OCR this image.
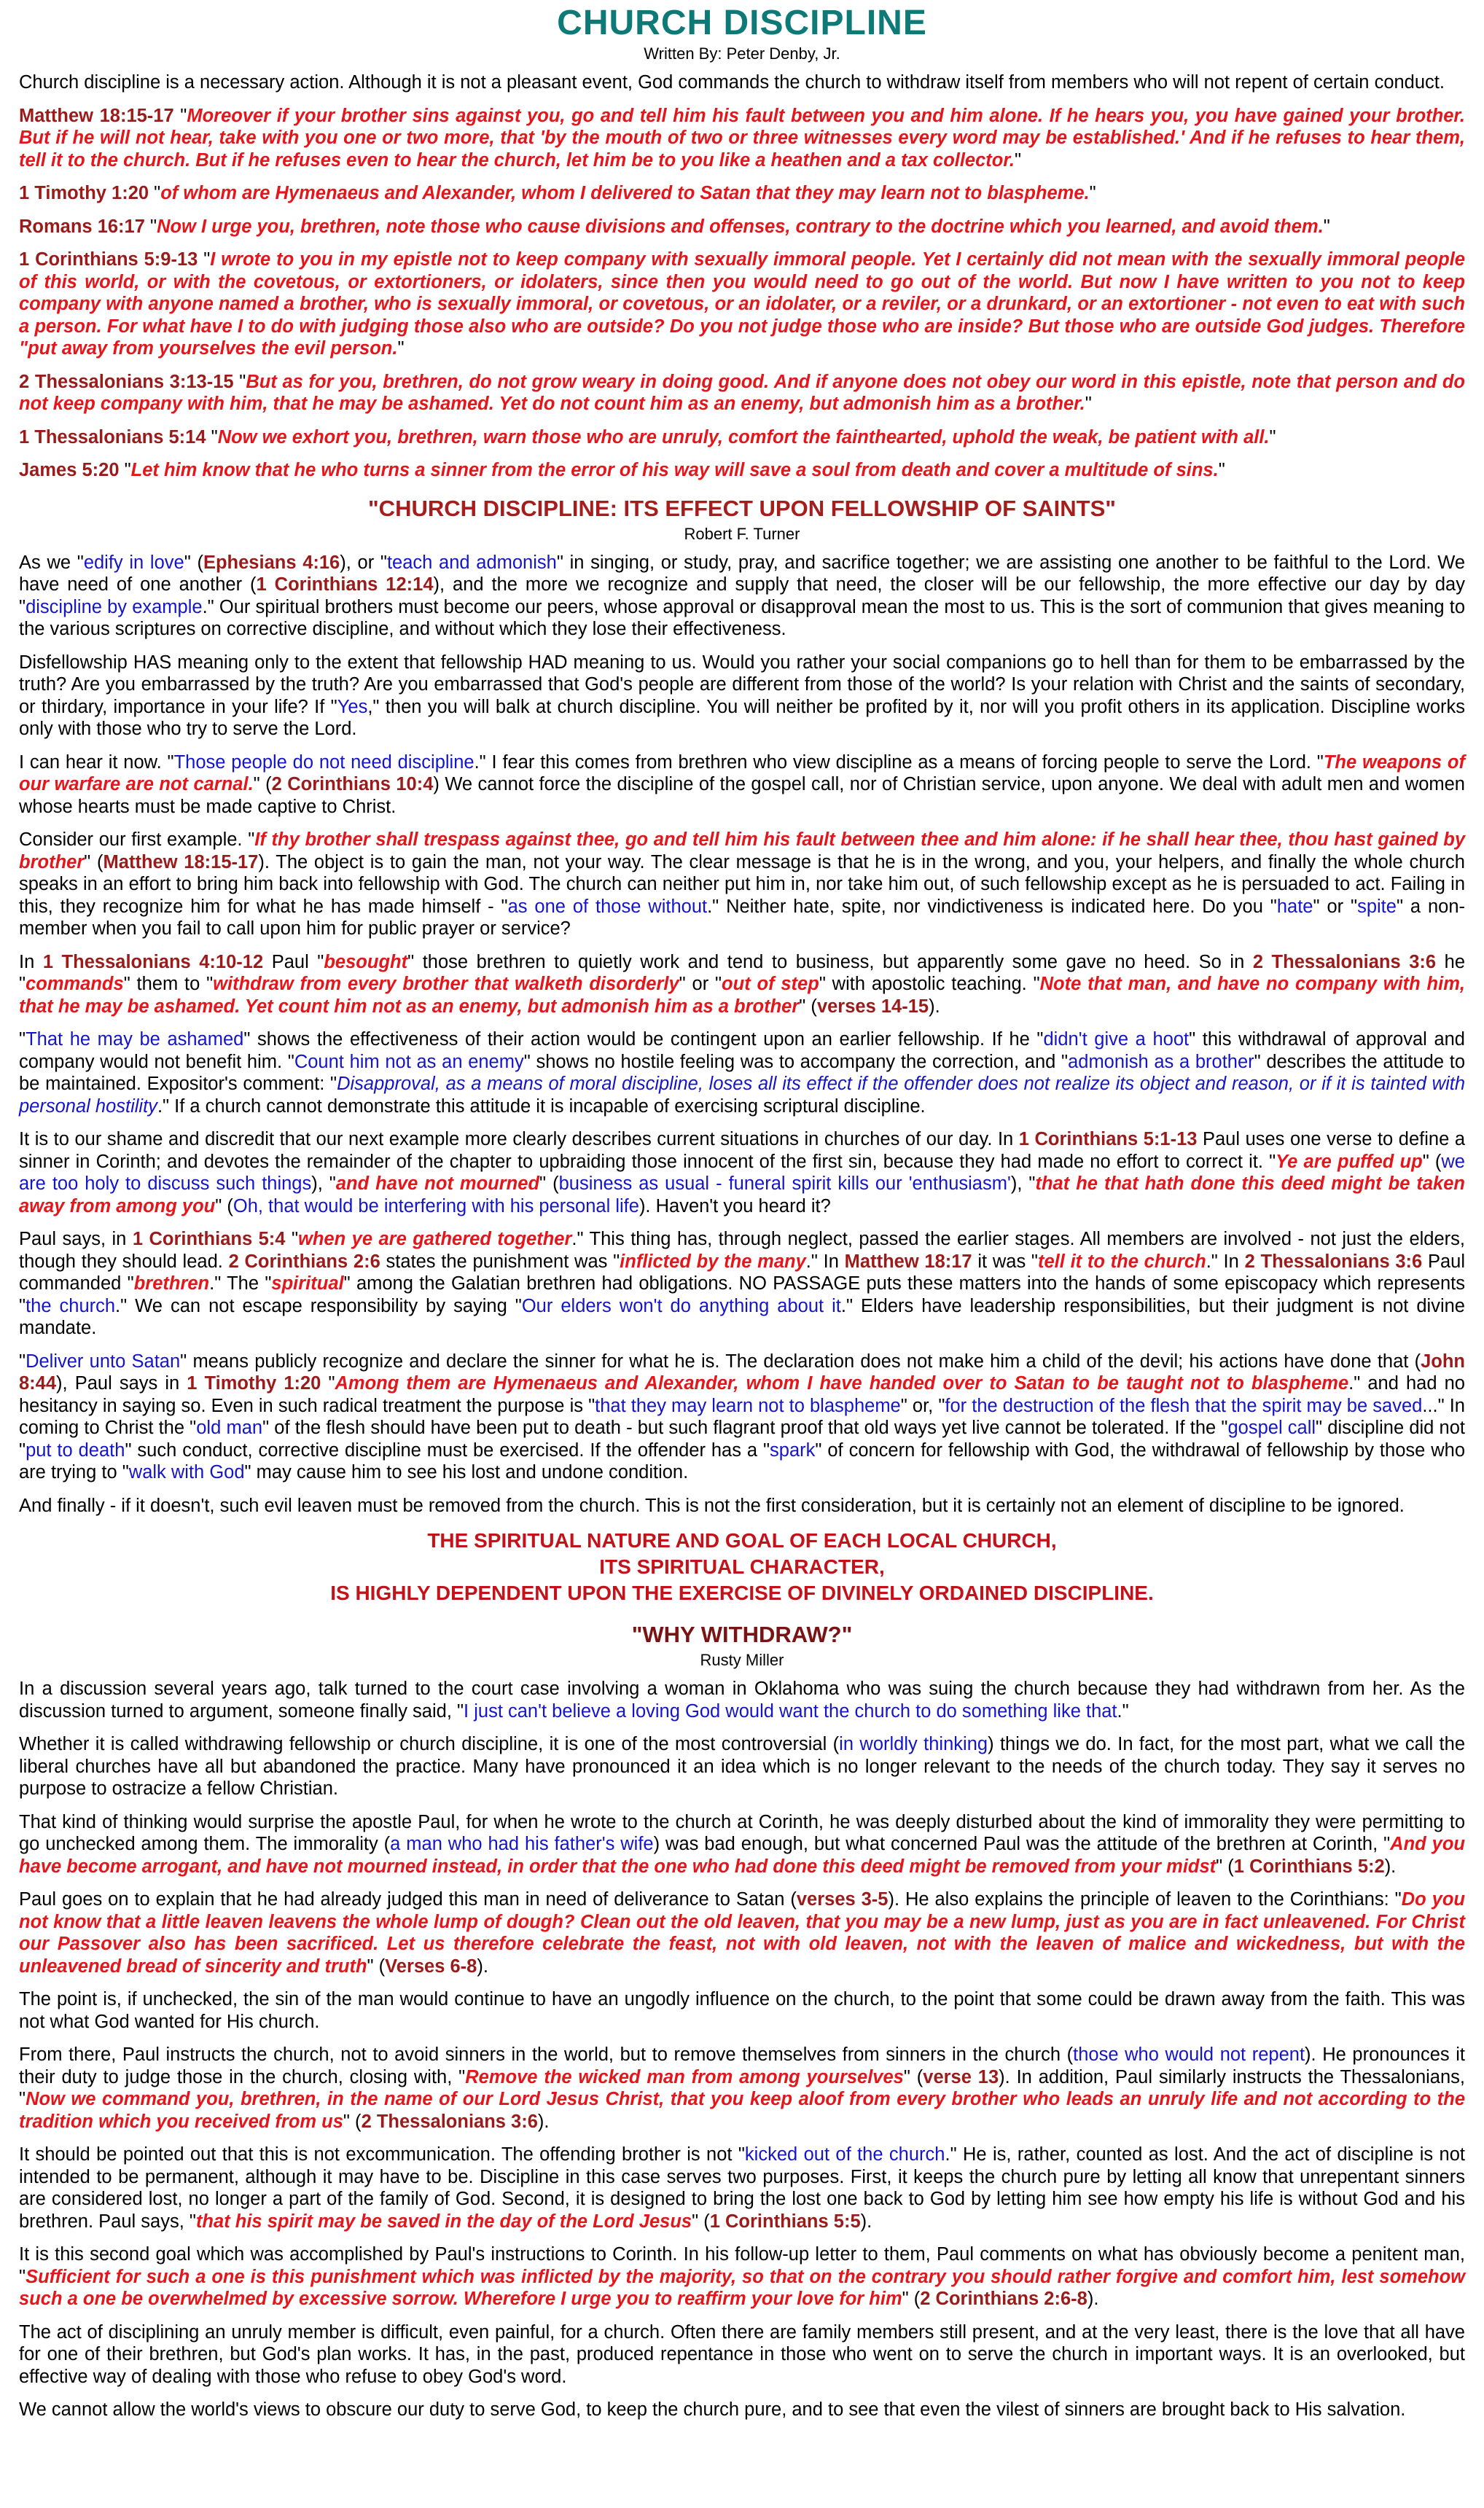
CHURCH DISCIPLINE
Written By: Peter Denby, Jr.

Church discipline is a necessary action. Although it is not a pleasant event, God commands the church to withdraw itself from members who will not repent of certain conduct.

Matthew 18:15-17 "Moreover if your brother sins against you, go and tell him his fault between you and him alone. If he hears you, you have gained your brother. But if he will not hear, take with you one or two more, that 'by the mouth of two or three witnesses every word may be established.' And if he refuses to hear them, tell it to the church. But if he refuses even to hear the church, let him be to you like a heathen and a tax collector."

1 Timothy 1:20 "of whom are Hymenaeus and Alexander, whom I delivered to Satan that they may learn not to blaspheme."

Romans 16:17 "Now I urge you, brethren, note those who cause divisions and offenses, contrary to the doctrine which you learned, and avoid them."

1 Corinthians 5:9-13 "I wrote to you in my epistle not to keep company with sexually immoral people. Yet I certainly did not mean with the sexually immoral people of this world, or with the covetous, or extortioners, or idolaters, since then you would need to go out of the world. But now I have written to you not to keep company with anyone named a brother, who is sexually immoral, or covetous, or an idolater, or a reviler, or a drunkard, or an extortioner - not even to eat with such a person. For what have I to do with judging those also who are outside? Do you not judge those who are inside? But those who are outside God judges. Therefore "put away from yourselves the evil person."

2 Thessalonians 3:13-15 "But as for you, brethren, do not grow weary in doing good. And if anyone does not obey our word in this epistle, note that person and do not keep company with him, that he may be ashamed. Yet do not count him as an enemy, but admonish him as a brother."

1 Thessalonians 5:14 "Now we exhort you, brethren, warn those who are unruly, comfort the fainthearted, uphold the weak, be patient with all."

James 5:20 "Let him know that he who turns a sinner from the error of his way will save a soul from death and cover a multitude of sins."

"CHURCH DISCIPLINE: ITS EFFECT UPON FELLOWSHIP OF SAINTS"
Robert F. Turner

As we "edify in love" (Ephesians 4:16), or "teach and admonish" in singing, or study, pray, and sacrifice together; we are assisting one another to be faithful to the Lord. We have need of one another (1 Corinthians 12:14), and the more we recognize and supply that need, the closer will be our fellowship, the more effective our day by day "discipline by example." Our spiritual brothers must become our peers, whose approval or disapproval mean the most to us. This is the sort of communion that gives meaning to the various scriptures on corrective discipline, and without which they lose their effectiveness.

Disfellowship HAS meaning only to the extent that fellowship HAD meaning to us. Would you rather your social companions go to hell than for them to be embarrassed by the truth? Are you embarrassed by the truth? Are you embarrassed that God's people are different from those of the world? Is your relation with Christ and the saints of secondary, or thirdary, importance in your life? If "Yes," then you will balk at church discipline. You will neither be profited by it, nor will you profit others in its application. Discipline works only with those who try to serve the Lord.

I can hear it now. "Those people do not need discipline." I fear this comes from brethren who view discipline as a means of forcing people to serve the Lord. "The weapons of our warfare are not carnal." (2 Corinthians 10:4) We cannot force the discipline of the gospel call, nor of Christian service, upon anyone. We deal with adult men and women whose hearts must be made captive to Christ.

Consider our first example. "If thy brother shall trespass against thee, go and tell him his fault between thee and him alone: if he shall hear thee, thou hast gained by brother" (Matthew 18:15-17). The object is to gain the man, not your way. The clear message is that he is in the wrong, and you, your helpers, and finally the whole church speaks in an effort to bring him back into fellowship with God. The church can neither put him in, nor take him out, of such fellowship except as he is persuaded to act. Failing in this, they recognize him for what he has made himself - "as one of those without." Neither hate, spite, nor vindictiveness is indicated here. Do you "hate" or "spite" a non-member when you fail to call upon him for public prayer or service?

In 1 Thessalonians 4:10-12 Paul "besought" those brethren to quietly work and tend to business, but apparently some gave no heed. So in 2 Thessalonians 3:6 he "commands" them to "withdraw from every brother that walketh disorderly" or "out of step" with apostolic teaching. "Note that man, and have no company with him, that he may be ashamed. Yet count him not as an enemy, but admonish him as a brother" (verses 14-15).

"That he may be ashamed" shows the effectiveness of their action would be contingent upon an earlier fellowship. If he "didn't give a hoot" this withdrawal of approval and company would not benefit him. "Count him not as an enemy" shows no hostile feeling was to accompany the correction, and "admonish as a brother" describes the attitude to be maintained. Expositor's comment: "Disapproval, as a means of moral discipline, loses all its effect if the offender does not realize its object and reason, or if it is tainted with personal hostility." If a church cannot demonstrate this attitude it is incapable of exercising scriptural discipline.

It is to our shame and discredit that our next example more clearly describes current situations in churches of our day. In 1 Corinthians 5:1-13 Paul uses one verse to define a sinner in Corinth; and devotes the remainder of the chapter to upbraiding those innocent of the first sin, because they had made no effort to correct it. "Ye are puffed up" (we are too holy to discuss such things), "and have not mourned" (business as usual - funeral spirit kills our 'enthusiasm'), "that he that hath done this deed might be taken away from among you" (Oh, that would be interfering with his personal life). Haven't you heard it?

Paul says, in 1 Corinthians 5:4 "when ye are gathered together." This thing has, through neglect, passed the earlier stages. All members are involved - not just the elders, though they should lead. 2 Corinthians 2:6 states the punishment was "inflicted by the many." In Matthew 18:17 it was "tell it to the church." In 2 Thessalonians 3:6 Paul commanded "brethren." The "spiritual" among the Galatian brethren had obligations. NO PASSAGE puts these matters into the hands of some episcopacy which represents "the church." We can not escape responsibility by saying "Our elders won't do anything about it." Elders have leadership responsibilities, but their judgment is not divine mandate.

"Deliver unto Satan" means publicly recognize and declare the sinner for what he is. The declaration does not make him a child of the devil; his actions have done that (John 8:44), Paul says in 1 Timothy 1:20 "Among them are Hymenaeus and Alexander, whom I have handed over to Satan to be taught not to blaspheme." and had no hesitancy in saying so. Even in such radical treatment the purpose is "that they may learn not to blaspheme" or, "for the destruction of the flesh that the spirit may be saved..." In coming to Christ the "old man" of the flesh should have been put to death - but such flagrant proof that old ways yet live cannot be tolerated. If the "gospel call" discipline did not "put to death" such conduct, corrective discipline must be exercised. If the offender has a "spark" of concern for fellowship with God, the withdrawal of fellowship by those who are trying to "walk with God" may cause him to see his lost and undone condition.

And finally - if it doesn't, such evil leaven must be removed from the church. This is not the first consideration, but it is certainly not an element of discipline to be ignored.

THE SPIRITUAL NATURE AND GOAL OF EACH LOCAL CHURCH,
ITS SPIRITUAL CHARACTER,
IS HIGHLY DEPENDENT UPON THE EXERCISE OF DIVINELY ORDAINED DISCIPLINE.
"WHY WITHDRAW?"
Rusty Miller

In a discussion several years ago, talk turned to the court case involving a woman in Oklahoma who was suing the church because they had withdrawn from her. As the discussion turned to argument, someone finally said, "I just can't believe a loving God would want the church to do something like that."

Whether it is called withdrawing fellowship or church discipline, it is one of the most controversial (in worldly thinking) things we do. In fact, for the most part, what we call the liberal churches have all but abandoned the practice. Many have pronounced it an idea which is no longer relevant to the needs of the church today. They say it serves no purpose to ostracize a fellow Christian.

That kind of thinking would surprise the apostle Paul, for when he wrote to the church at Corinth, he was deeply disturbed about the kind of immorality they were permitting to go unchecked among them. The immorality (a man who had his father's wife) was bad enough, but what concerned Paul was the attitude of the brethren at Corinth, "And you have become arrogant, and have not mourned instead, in order that the one who had done this deed might be removed from your midst" (1 Corinthians 5:2).

Paul goes on to explain that he had already judged this man in need of deliverance to Satan (verses 3-5). He also explains the principle of leaven to the Corinthians: "Do you not know that a little leaven leavens the whole lump of dough? Clean out the old leaven, that you may be a new lump, just as you are in fact unleavened. For Christ our Passover also has been sacrificed. Let us therefore celebrate the feast, not with old leaven, not with the leaven of malice and wickedness, but with the unleavened bread of sincerity and truth" (Verses 6-8).

The point is, if unchecked, the sin of the man would continue to have an ungodly influence on the church, to the point that some could be drawn away from the faith. This was not what God wanted for His church.

From there, Paul instructs the church, not to avoid sinners in the world, but to remove themselves from sinners in the church (those who would not repent). He pronounces it their duty to judge those in the church, closing with, "Remove the wicked man from among yourselves" (verse 13). In addition, Paul similarly instructs the Thessalonians, "Now we command you, brethren, in the name of our Lord Jesus Christ, that you keep aloof from every brother who leads an unruly life and not according to the tradition which you received from us" (2 Thessalonians 3:6).

It should be pointed out that this is not excommunication. The offending brother is not "kicked out of the church." He is, rather, counted as lost. And the act of discipline is not intended to be permanent, although it may have to be. Discipline in this case serves two purposes. First, it keeps the church pure by letting all know that unrepentant sinners are considered lost, no longer a part of the family of God. Second, it is designed to bring the lost one back to God by letting him see how empty his life is without God and his brethren. Paul says, "that his spirit may be saved in the day of the Lord Jesus" (1 Corinthians 5:5).

It is this second goal which was accomplished by Paul's instructions to Corinth. In his follow-up letter to them, Paul comments on what has obviously become a penitent man, "Sufficient for such a one is this punishment which was inflicted by the majority, so that on the contrary you should rather forgive and comfort him, lest somehow such a one be overwhelmed by excessive sorrow. Wherefore I urge you to reaffirm your love for him" (2 Corinthians 2:6-8).

The act of disciplining an unruly member is difficult, even painful, for a church. Often there are family members still present, and at the very least, there is the love that all have for one of their brethren, but God's plan works. It has, in the past, produced repentance in those who went on to serve the church in important ways. It is an overlooked, but effective way of dealing with those who refuse to obey God's word.

We cannot allow the world's views to obscure our duty to serve God, to keep the church pure, and to see that even the vilest of sinners are brought back to His salvation.
